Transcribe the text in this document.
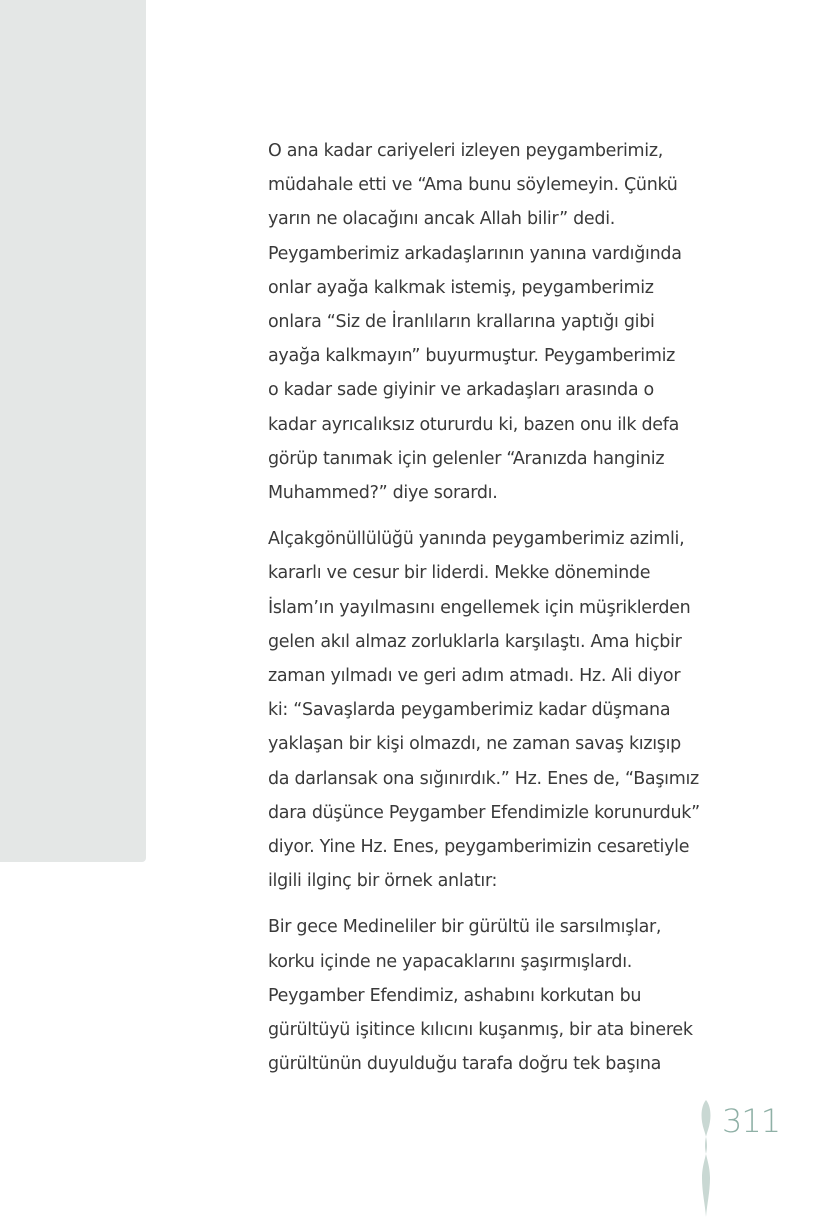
O ana kadar cariyeleri izleyen peygamberimiz,
müdahale etti ve “Ama bunu söylemeyin. Çünkü
yarın ne olacağını ancak Allah bilir” dedi.
Peygamberimiz arkadaşlarının yanına vardığında
onlar ayağa kalkmak istemiş, peygamberimiz
onlara “Siz de İranlıların krallarına yaptığı gibi
ayağa kalkmayın” buyurmuştur. Peygamberimiz
o kadar sade giyinir ve arkadaşları arasında o
kadar ayrıcalıksız otururdu ki, bazen onu ilk defa
görüp tanımak için gelenler “Aranızda hanginiz
Muhammed?” diye sorardı.

Alçakgönüllülüğü yanında peygamberimiz azimli,
kararlı ve cesur bir liderdi. Mekke döneminde
İslam’ın yayılmasını engellemek için müşriklerden
gelen akıl almaz zorluklarla karşılaştı. Ama hiçbir
zaman yılmadı ve geri adım atmadı. Hz. Ali diyor
ki: “Savaşlarda peygamberimiz kadar düşmana
yaklaşan bir kişi olmazdı, ne zaman savaş kızışıp
da darlansak ona sığınırdık.” Hz. Enes de, “Başımız
dara düşünce Peygamber Efendimizle korunurduk”
diyor. Yine Hz. Enes, peygamberimizin cesaretiyle
ilgili ilginç bir örnek anlatır:

Bir gece Medineliler bir gürültü ile sarsılmışlar,
korku içinde ne yapacaklarını şaşırmışlardı.
Peygamber Efendimiz, ashabını korkutan bu
gürültüyü işitince kılıcını kuşanmış, bir ata binerek
gürültünün duyulduğu tarafa doğru tek başına

311
